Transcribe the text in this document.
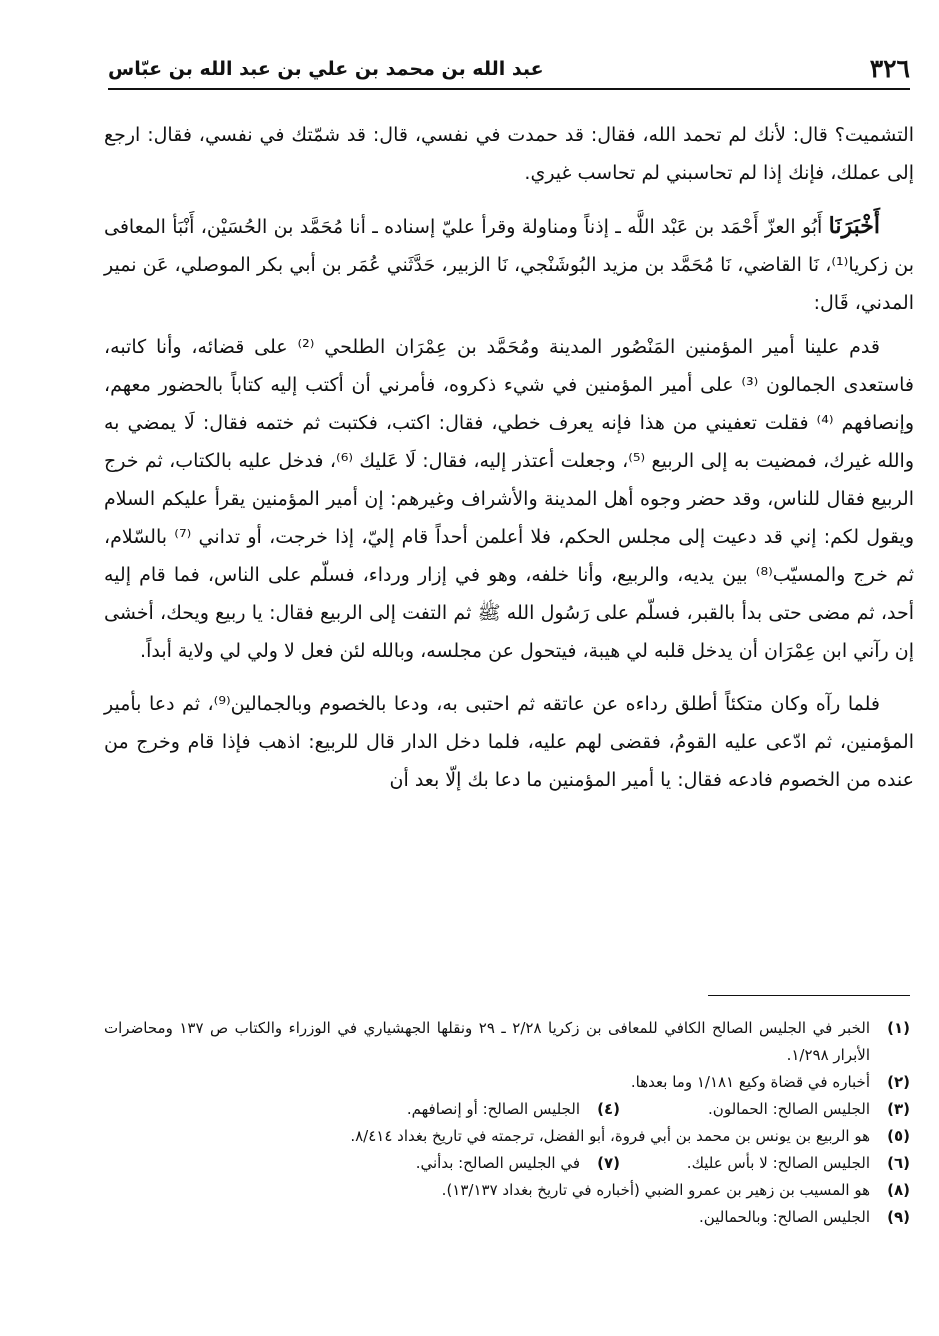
٣٢٦
عبد الله بن محمد بن علي بن عبد الله بن عبّاس

التشميت؟ قال: لأنك لم تحمد الله، فقال: قد حمدت في نفسي، قال: قد شمّتك في نفسي، فقال: ارجع إلى عملك، فإنك إذا لم تحاسبني لم تحاسب غيري.

أَخْبَرَنَا أَبُو العزّ أَحْمَد بن عَبْد اللَّه ـ إذناً ومناولة وقرأ عليّ إسناده ـ أنا مُحَمَّد بن الحُسَيْن، أَنْبَأ المعافى بن زكريا⁽¹⁾، نَا القاضي، نَا مُحَمَّد بن مزيد البُوشَنْجي، نَا الزبير، حَدَّثَني عُمَر بن أبي بكر الموصلي، عَن نمير المدني، قَال:

قدم علينا أمير المؤمنين المَنْصُور المدينة ومُحَمَّد بن عِمْرَان الطلحي ⁽²⁾ على قضائه، وأنا كاتبه، فاستعدى الجمالون ⁽³⁾ على أمير المؤمنين في شيء ذكروه، فأمرني أن أكتب إليه كتاباً بالحضور معهم، وإنصافهم ⁽⁴⁾ فقلت تعفيني من هذا فإنه يعرف خطي، فقال: اكتب، فكتبت ثم ختمه فقال: لَا يمضي به والله غيرك، فمضيت به إلى الربيع ⁽⁵⁾، وجعلت أعتذر إليه، فقال: لَا عَليك ⁽⁶⁾، فدخل عليه بالكتاب، ثم خرج الربيع فقال للناس، وقد حضر وجوه أهل المدينة والأشراف وغيرهم: إن أمير المؤمنين يقرأ عليكم السلام ويقول لكم: إني قد دعيت إلى مجلس الحكم، فلا أعلمن أحداً قام إليّ، إذا خرجت، أو تداني ⁽⁷⁾ بالسّلام، ثم خرج والمسيّب⁽⁸⁾ بين يديه، والربيع، وأنا خلفه، وهو في إزار ورداء، فسلّم على الناس، فما قام إليه أحد، ثم مضى حتى بدأ بالقبر، فسلّم على رَسُول الله ﷺ ثم التفت إلى الربيع فقال: يا ربيع ويحك، أخشى إن رآني ابن عِمْرَان أن يدخل قلبه لي هيبة، فيتحول عن مجلسه، وبالله لئن فعل لا ولي لي ولاية أبداً.

فلما رآه وكان متكئاً أطلق رداءه عن عاتقه ثم احتبى به، ودعا بالخصوم وبالجمالين⁽⁹⁾، ثم دعا بأمير المؤمنين، ثم ادّعى عليه القومُ، فقضى لهم عليه، فلما دخل الدار قال للربيع: اذهب فإذا قام وخرج من عنده من الخصوم فادعه فقال: يا أمير المؤمنين ما دعا بك إلّا بعد أن

(١)
الخبر في الجليس الصالح الكافي للمعافى بن زكريا ٢/٢٨ ـ ٢٩ ونقلها الجهشياري في الوزراء والكتاب ص ١٣٧ ومحاضرات الأبرار ١/٢٩٨.
(٢)
أخباره في قضاة وكيع ١/١٨١ وما بعدها.
(٣)
الجليس الصالح: الحمالون.
(٤)
الجليس الصالح: أو إنصافهم.
(٥)
هو الربيع بن يونس بن محمد بن أبي فروة، أبو الفضل، ترجمته في تاريخ بغداد ٨/٤١٤.
(٦)
الجليس الصالح: لا بأس عليك.
(٧)
في الجليس الصالح: بدأني.
(٨)
هو المسيب بن زهير بن عمرو الضبي (أخباره في تاريخ بغداد ١٣/١٣٧).
(٩)
الجليس الصالح: وبالحمالين.
